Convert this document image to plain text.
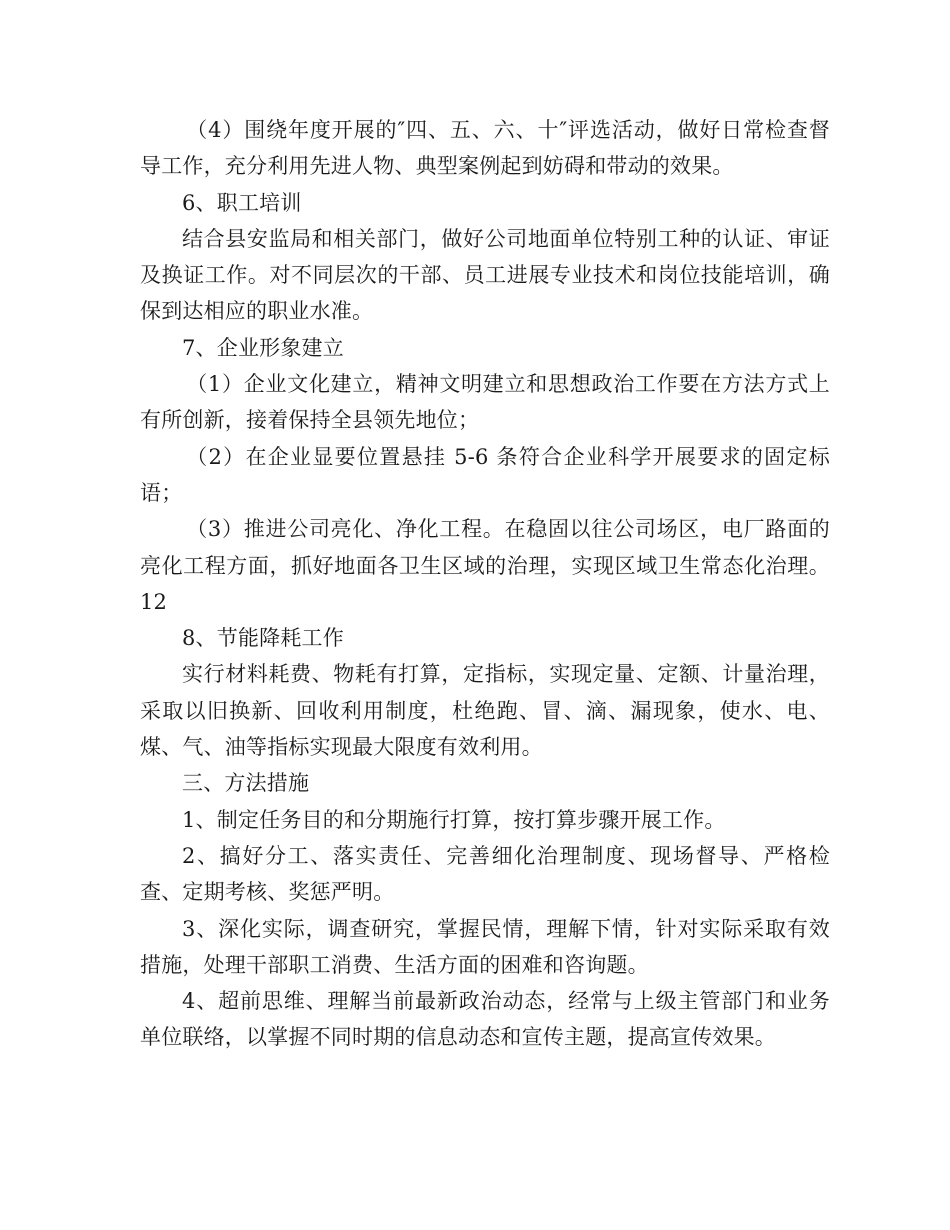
（4）围绕年度开展的″四、五、六、十″评选活动，做好日常检查督导工作，充分利用先进人物、典型案例起到妨碍和带动的效果。

6、职工培训

结合县安监局和相关部门，做好公司地面单位特别工种的认证、审证及换证工作。对不同层次的干部、员工进展专业技术和岗位技能培训，确保到达相应的职业水准。

7、企业形象建立

（1）企业文化建立，精神文明建立和思想政治工作要在方法方式上有所创新，接着保持全县领先地位；

（2）在企业显要位置悬挂 5-6 条符合企业科学开展要求的固定标语；

（3）推进公司亮化、净化工程。在稳固以往公司场区，电厂路面的亮化工程方面，抓好地面各卫生区域的治理，实现区域卫生常态化治理。12

8、节能降耗工作

实行材料耗费、物耗有打算，定指标，实现定量、定额、计量治理，采取以旧换新、回收利用制度，杜绝跑、冒、滴、漏现象，使水、电、煤、气、油等指标实现最大限度有效利用。

三、方法措施

1、制定任务目的和分期施行打算，按打算步骤开展工作。

2、搞好分工、落实责任、完善细化治理制度、现场督导、严格检查、定期考核、奖惩严明。

3、深化实际，调查研究，掌握民情，理解下情，针对实际采取有效措施，处理干部职工消费、生活方面的困难和咨询题。

4、超前思维、理解当前最新政治动态，经常与上级主管部门和业务单位联络，以掌握不同时期的信息动态和宣传主题，提高宣传效果。
